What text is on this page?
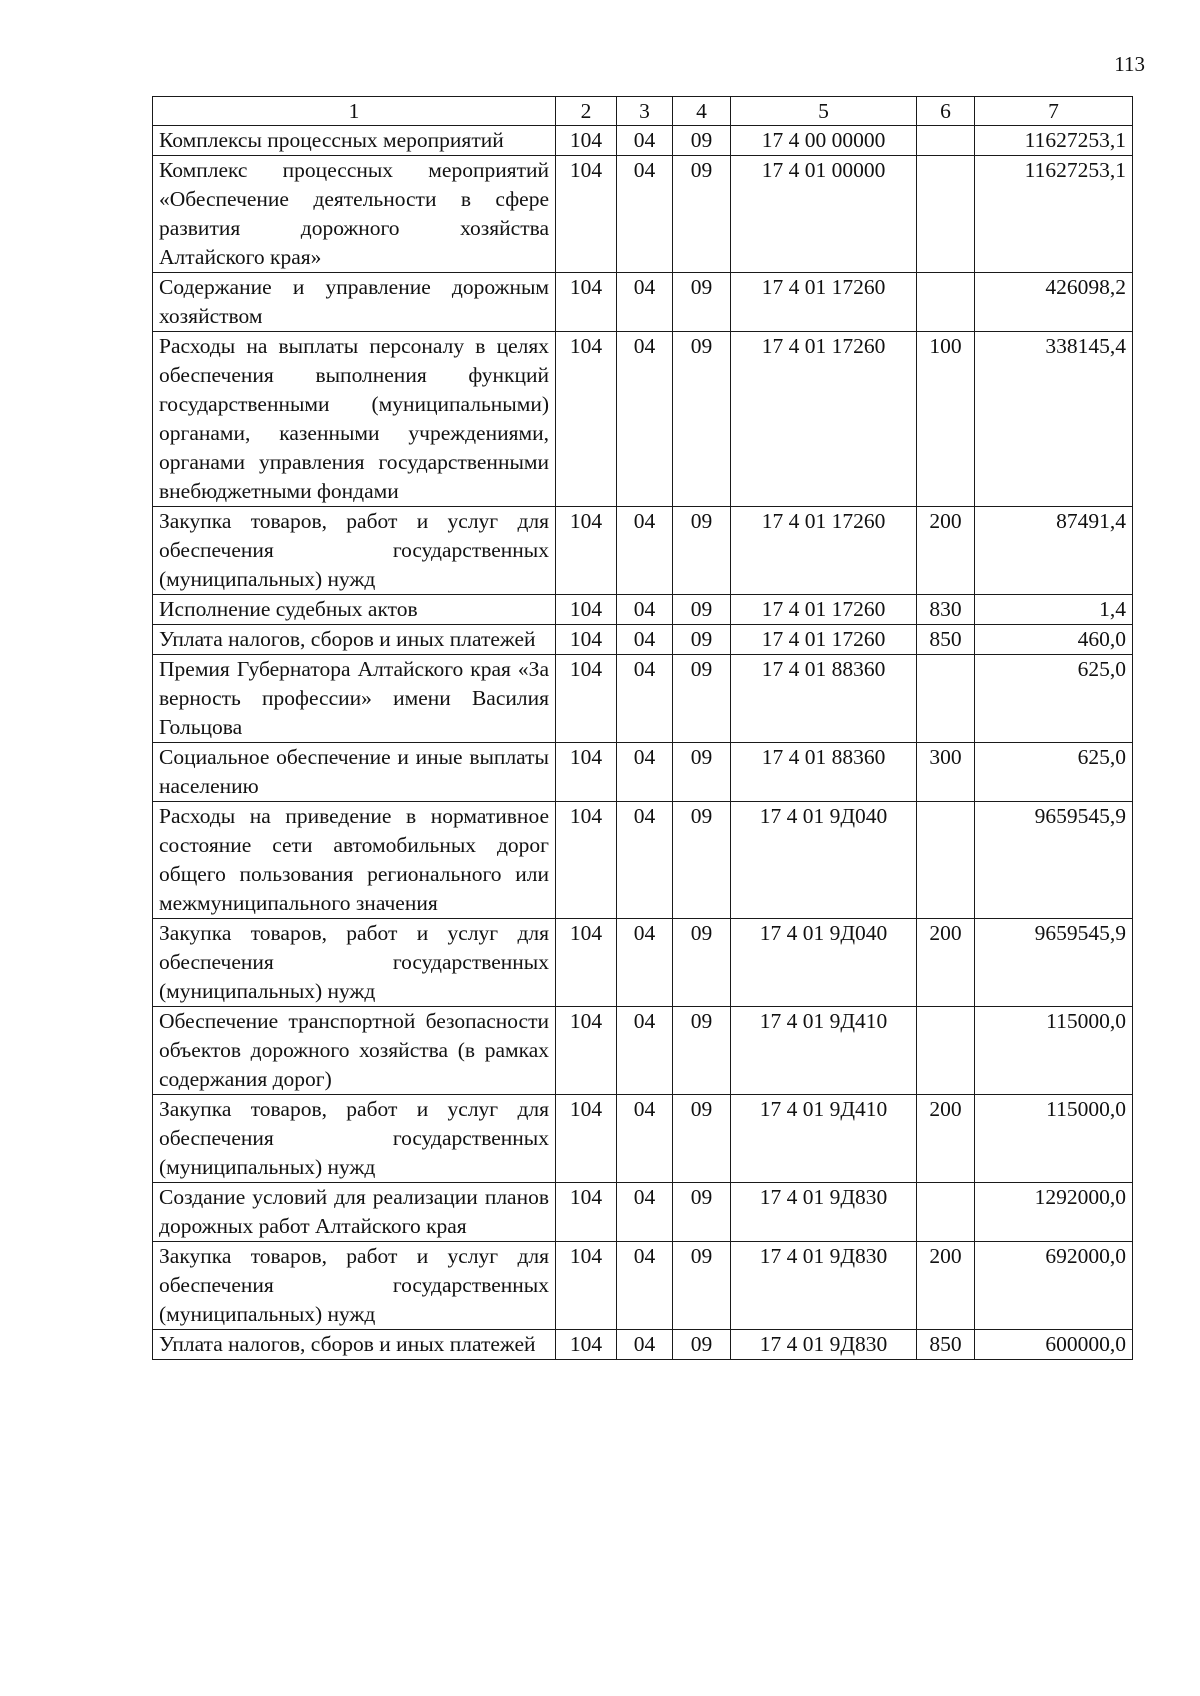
113
1	2	3	4	5	6	7
Комплексы процессных мероприятий	104	04	09	17 4 00 00000		11627253,1
Комплекс процессных мероприятий «Обеспечение деятельности в сфере развития дорожного хозяйства Алтайского края»	104	04	09	17 4 01 00000		11627253,1
Содержание и управление дорожным хозяйством	104	04	09	17 4 01 17260		426098,2
Расходы на выплаты персоналу в целях обеспечения выполнения функций государственными (муниципальными) органами, казенными учреждениями, органами управления государственными внебюджетными фондами	104	04	09	17 4 01 17260	100	338145,4
Закупка товаров, работ и услуг для обеспечения государственных (муниципальных) нужд	104	04	09	17 4 01 17260	200	87491,4
Исполнение судебных актов	104	04	09	17 4 01 17260	830	1,4
Уплата налогов, сборов и иных платежей	104	04	09	17 4 01 17260	850	460,0
Премия Губернатора Алтайского края «За верность профессии» имени Василия Гольцова	104	04	09	17 4 01 88360		625,0
Социальное обеспечение и иные выплаты населению	104	04	09	17 4 01 88360	300	625,0
Расходы на приведение в нормативное состояние сети автомобильных дорог общего пользования регионального или межмуниципального значения	104	04	09	17 4 01 9Д040		9659545,9
Закупка товаров, работ и услуг для обеспечения государственных (муниципальных) нужд	104	04	09	17 4 01 9Д040	200	9659545,9
Обеспечение транспортной безопасности объектов дорожного хозяйства (в рамках содержания дорог)	104	04	09	17 4 01 9Д410		115000,0
Закупка товаров, работ и услуг для обеспечения государственных (муниципальных) нужд	104	04	09	17 4 01 9Д410	200	115000,0
Создание условий для реализации планов дорожных работ Алтайского края	104	04	09	17 4 01 9Д830		1292000,0
Закупка товаров, работ и услуг для обеспечения государственных (муниципальных) нужд	104	04	09	17 4 01 9Д830	200	692000,0
Уплата налогов, сборов и иных платежей	104	04	09	17 4 01 9Д830	850	600000,0
